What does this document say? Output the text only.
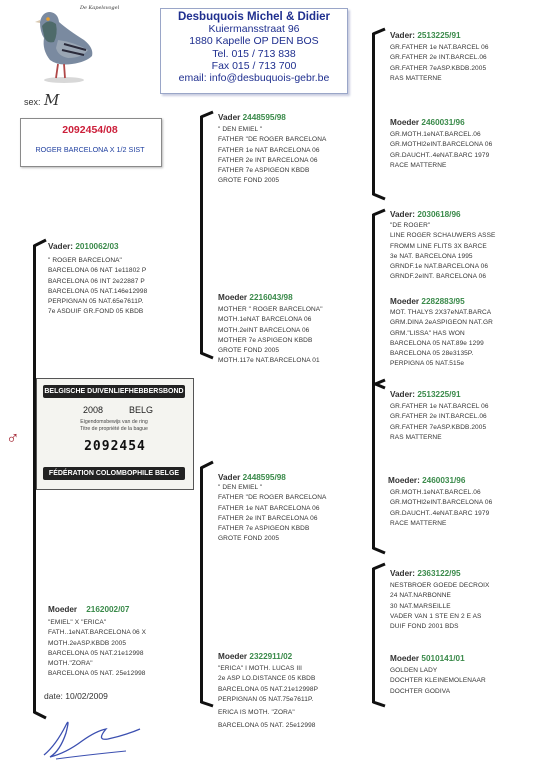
De Kapelsvogel
Desbuquois Michel & Didier
Kuiermansstraat 96
1880 Kapelle OP DEN BOS
Tel. 015 / 713 838
Fax 015 / 713 700
email: info@desbuquois-gebr.be
sex: M
2092454/08
ROGER BARCELONA X 1/2 SIST
Vader: 2010062/03
" ROGER BARCELONA"
BARCELONA 06 NAT 1e11802 P
BARCELONA 06 INT 2e22887 P
BARCELONA 05 NAT.146e12998
PERPIGNAN 05 NAT.65e7611P.
7e ASDUIF GR.FOND 05 KBDB
BELGISCHE DUIVENLIEFHEBBERSBOND
2008	BELG
Eigendomsbewijs van de ring
Titre de propriété de la bague
2092454
FÉDÉRATION COLOMBOPHILE BELGE
♂
Moeder 2162002/07
"EMIEL" X "ERICA"
FATH..1eNAT.BARCELONA 06 X
MOTH.2eASP.KBDB 2005
BARCELONA 05 NAT.21e12998
MOTH."ZORA"
BARCELONA 05 NAT. 25e12998
date: 10/02/2009
Vader 2448595/98
" DEN EMIEL "
FATHER "DE ROGER BARCELONA
FATHER 1e NAT BARCELONA 06
FATHER 2e INT BARCELONA 06
FATHER 7e ASPIGEON KBDB
GROTE FOND 2005
Moeder 2216043/98
MOTHER " ROGER BARCELONA"
MOTH.1eNAT BARCELONA 06
MOTH.2eINT BARCELONA 06
MOTHER 7e ASPIGEON KBDB
GROTE FOND 2005
MOTH.117e NAT.BARCELONA 01
Vader 2448595/98
" DEN EMIEL "
FATHER "DE ROGER BARCELONA
FATHER 1e NAT BARCELONA 06
FATHER 2e INT BARCELONA 06
FATHER 7e ASPIGEON KBDB
GROTE FOND 2005
Moeder 2322911/02
"ERICA" I MOTH. LUCAS III
2e ASP LO.DISTANCE 05 KBDB
BARCELONA 05 NAT.21e12998P
PERPIGNAN 05 NAT.75e7611P.
ERICA IS MOTH. "ZORA"
BARCELONA 05 NAT. 25e12998
Vader: 2513225/91
GR.FATHER 1e NAT.BARCEL 06
GR.FATHER 2e INT.BARCEL.06
GR.FATHER 7eASP.KBDB.2005
RAS MATTERNE
Moeder 2460031/96
GR.MOTH.1eNAT.BARCEL.06
GR.MOTHl2eINT.BARCELONA 06
GR.DAUCHT..4eNAT.BARC 1979
RACE MATTERNE
Vader: 2030618/96
"DE ROGER"
LINE ROGER SCHAUWERS ASSE
FROMM LINE FLITS 3X BARCE
3e NAT. BARCELONA 1995
GRNDF.1e NAT.BARCELONA 06
GRNDF.2eINT. BARCELONA 06
Moeder 2282883/95
MOT. THALYS 2X37eNAT.BARCA
GRM.DINA 2eASPIGEON NAT.GR
GRM."LISSA" HAS WON
BARCELONA 05 NAT.89e 1299
BARCELONA 05 28e3135P.
PERPIGNA 05 NAT.515e
Vader: 2513225/91
GR.FATHER 1e NAT.BARCEL 06
GR.FATHER 2e INT.BARCEL.06
GR.FATHER 7eASP.KBDB.2005
RAS MATTERNE
Moeder: 2460031/96
GR.MOTH.1eNAT.BARCEL.06
GR.MOTHl2eINT.BARCELONA 06
GR.DAUCHT..4eNAT.BARC 1979
RACE MATTERNE
Vader: 2363122/95
NESTBROER GOEDE DECROIX
24 NAT.NARBONNE
30 NAT.MARSEILLE
VADER VAN 1 STE EN 2 E AS
DUIF FOND 2001 BDS
Moeder 5010141/01
GOLDEN LADY
DOCHTER KLEINEMOLENAAR
DOCHTER GODIVA
